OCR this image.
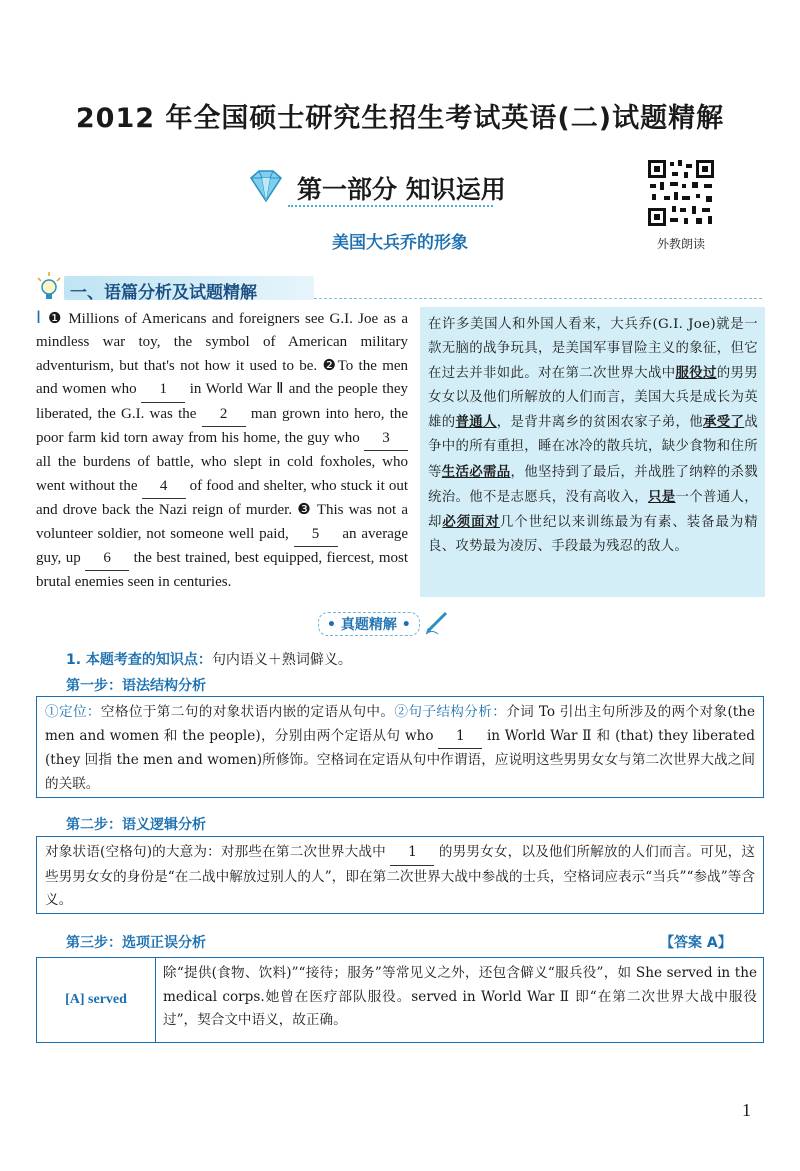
2012 年全国硕士研究生招生考试英语(二)试题精解
第一部分 知识运用
美国大兵乔的形象	外教朗读
一、语篇分析及试题精解
Ⅰ ❶ Millions of Americans and foreigners see G.I. Joe as a mindless war toy, the symbol of American military adventurism, but that's not how it used to be. ❷To the men and women who 1 in World War Ⅱ and the people they liberated, the G.I. was the 2 man grown into hero, the poor farm kid torn away from his home, the guy who 3 all the burdens of battle, who slept in cold foxholes, who went without the 4 of food and shelter, who stuck it out and drove back the Nazi reign of murder. ❸ This was not a volunteer soldier, not someone well paid, 5 an average guy, up 6 the best trained, best equipped, fiercest, most brutal enemies seen in centuries.
在许多美国人和外国人看来，大兵乔(G.I. Joe)就是一款无脑的战争玩具，是美国军事冒险主义的象征，但它在过去并非如此。对在第二次世界大战中服役过的男男女女以及他们所解放的人们而言，美国大兵是成长为英雄的普通人，是背井离乡的贫困农家子弟，他承受了战争中的所有重担，睡在冰冷的散兵坑，缺少食物和住所等生活必需品，他坚持到了最后，并战胜了纳粹的杀戮统治。他不是志愿兵，没有高收入，只是一个普通人，却必须面对几个世纪以来训练最为有素、装备最为精良、攻势最为凌厉、手段最为残忍的敌人。
• 真题精解 •
1. 本题考查的知识点：句内语义＋熟词僻义。
第一步：语法结构分析
①定位：空格位于第二句的对象状语内嵌的定语从句中。②句子结构分析：介词 To 引出主句所涉及的两个对象(the men and women 和 the people)，分别由两个定语从句 who 1 in World War Ⅱ 和 (that) they liberated (they 回指 the men and women)所修饰。空格词在定语从句中作谓语，应说明这些男男女女与第二次世界大战之间的关联。
第二步：语义逻辑分析
对象状语(空格句)的大意为：对那些在第二次世界大战中 1 的男男女女，以及他们所解放的人们而言。可见，这些男男女女的身份是“在二战中解放过别人的人”，即在第二次世界大战中参战的士兵，空格词应表示“当兵”“参战”等含义。
第三步：选项正误分析	【答案 A】
[A] served
除“提供(食物、饮料)”“接待；服务”等常见义之外，还包含僻义“服兵役”，如 She served in the medical corps.她曾在医疗部队服役。served in World War Ⅱ 即“在第二次世界大战中服役过”，契合文中语义，故正确。
1
